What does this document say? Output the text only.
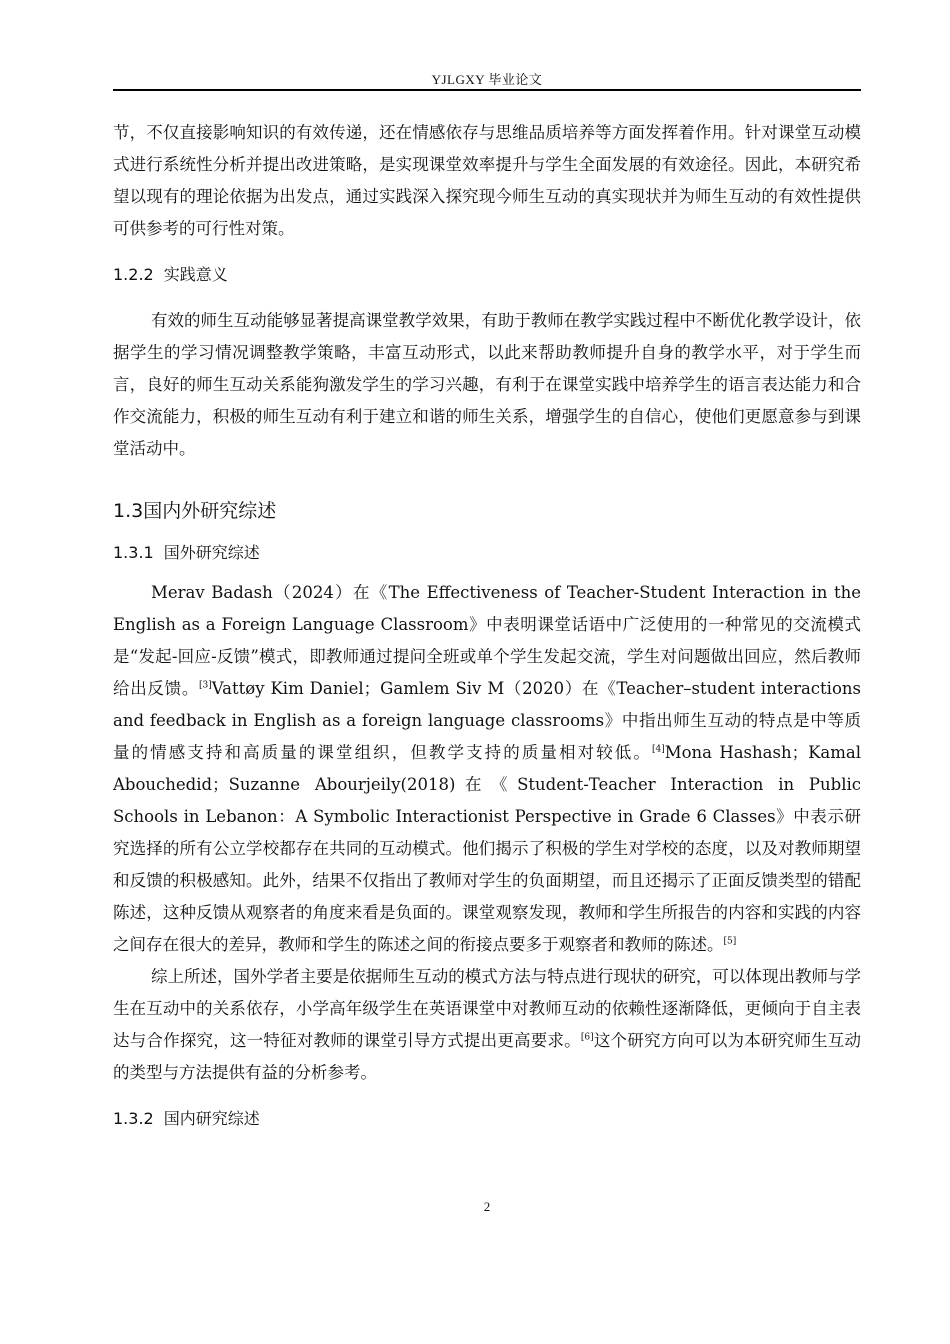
YJLGXY 毕业论文

节，不仅直接影响知识的有效传递，还在情感依存与思维品质培养等方面发挥着作用。针对课堂互动模式进行系统性分析并提出改进策略，是实现课堂效率提升与学生全面发展的有效途径。因此，本研究希望以现有的理论依据为出发点，通过实践深入探究现今师生互动的真实现状并为师生互动的有效性提供可供参考的可行性对策。

1.2.2 实践意义

有效的师生互动能够显著提高课堂教学效果，有助于教师在教学实践过程中不断优化教学设计，依据学生的学习情况调整教学策略，丰富互动形式，以此来帮助教师提升自身的教学水平，对于学生而言，良好的师生互动关系能狗激发学生的学习兴趣，有利于在课堂实践中培养学生的语言表达能力和合作交流能力，积极的师生互动有利于建立和谐的师生关系，增强学生的自信心，使他们更愿意参与到课堂活动中。

1.3国内外研究综述
1.3.1 国外研究综述

Merav Badash（2024）在《The Effectiveness of Teacher-Student Interaction in the English as a Foreign Language Classroom》中表明课堂话语中广泛使用的一种常见的交流模式是“发起-回应-反馈”模式，即教师通过提问全班或单个学生发起交流，学生对问题做出回应，然后教师给出反馈。[3]Vattøy Kim Daniel；Gamlem Siv M（2020）在《Teacher–student interactions and feedback in English as a foreign language classrooms》中指出师生互动的特点是中等质量的情感支持和高质量的课堂组织，但教学支持的质量相对较低。[4]Mona Hashash；Kamal Abouchedid；Suzanne Abourjeily(2018)在《Student‑Teacher Interaction in Public Schools in Lebanon：A Symbolic Interactionist Perspective in Grade 6 Classes》中表示研究选择的所有公立学校都存在共同的互动模式。他们揭示了积极的学生对学校的态度，以及对教师期望和反馈的积极感知。此外，结果不仅指出了教师对学生的负面期望，而且还揭示了正面反馈类型的错配陈述，这种反馈从观察者的角度来看是负面的。课堂观察发现，教师和学生所报告的内容和实践的内容之间存在很大的差异，教师和学生的陈述之间的衔接点要多于观察者和教师的陈述。[5]

综上所述，国外学者主要是依据师生互动的模式方法与特点进行现状的研究，可以体现出教师与学生在互动中的关系依存，小学高年级学生在英语课堂中对教师互动的依赖性逐渐降低，更倾向于自主表达与合作探究，这一特征对教师的课堂引导方式提出更高要求。[6]这个研究方向可以为本研究师生互动的类型与方法提供有益的分析参考。

1.3.2 国内研究综述
2
